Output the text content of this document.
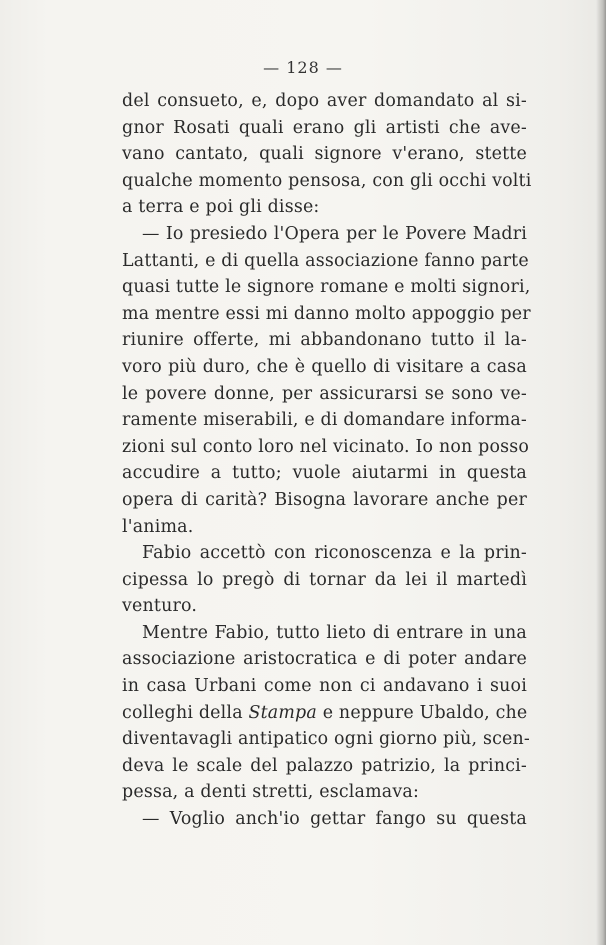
— 128 —
del consueto, e, dopo aver domandato al si-
gnor Rosati quali erano gli artisti che ave-
vano cantato, quali signore v'erano, stette
qualche momento pensosa, con gli occhi volti
a terra e poi gli disse:
— Io presiedo l'Opera per le Povere Madri
Lattanti, e di quella associazione fanno parte
quasi tutte le signore romane e molti signori,
ma mentre essi mi danno molto appoggio per
riunire offerte, mi abbandonano tutto il la-
voro più duro, che è quello di visitare a casa
le povere donne, per assicurarsi se sono ve-
ramente miserabili, e di domandare informa-
zioni sul conto loro nel vicinato. Io non posso
accudire a tutto; vuole aiutarmi in questa
opera di carità? Bisogna lavorare anche per
l'anima.
Fabio accettò con riconoscenza e la prin-
cipessa lo pregò di tornar da lei il martedì
venturo.
Mentre Fabio, tutto lieto di entrare in una
associazione aristocratica e di poter andare
in casa Urbani come non ci andavano i suoi
colleghi della Stampa e neppure Ubaldo, che
diventavagli antipatico ogni giorno più, scen-
deva le scale del palazzo patrizio, la princi-
pessa, a denti stretti, esclamava:
— Voglio anch'io gettar fango su questa
